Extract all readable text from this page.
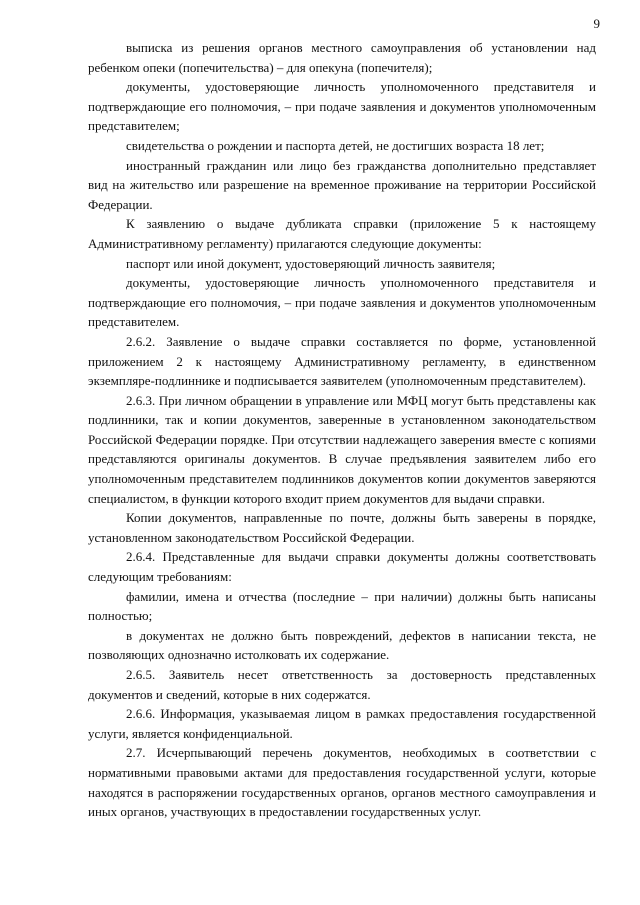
9

выписка из решения органов местного самоуправления об установлении над ребенком опеки (попечительства) – для опекуна (попечителя);

документы, удостоверяющие личность уполномоченного представителя и подтверждающие его полномочия, – при подаче заявления и документов уполномоченным представителем;

свидетельства о рождении и паспорта детей, не достигших возраста 18 лет;

иностранный гражданин или лицо без гражданства дополнительно представляет вид на жительство или разрешение на временное проживание на территории Российской Федерации.

К заявлению о выдаче дубликата справки (приложение 5 к настоящему Административному регламенту) прилагаются следующие документы:

паспорт или иной документ, удостоверяющий личность заявителя;

документы, удостоверяющие личность уполномоченного представителя и подтверждающие его полномочия, – при подаче заявления и документов уполномоченным представителем.

2.6.2. Заявление о выдаче справки составляется по форме, установленной приложением 2 к настоящему Административному регламенту, в единственном экземпляре-подлиннике и подписывается заявителем (уполномоченным представителем).

2.6.3. При личном обращении в управление или МФЦ могут быть представлены как подлинники, так и копии документов, заверенные в установленном законодательством Российской Федерации порядке. При отсутствии надлежащего заверения вместе с копиями представляются оригиналы документов. В случае предъявления заявителем либо его уполномоченным представителем подлинников документов копии документов заверяются специалистом, в функции которого входит прием документов для выдачи справки.

Копии документов, направленные по почте, должны быть заверены в порядке, установленном законодательством Российской Федерации.

2.6.4. Представленные для выдачи справки документы должны соответствовать следующим требованиям:

фамилии, имена и отчества (последние – при наличии) должны быть написаны полностью;

в документах не должно быть повреждений, дефектов в написании текста, не позволяющих однозначно истолковать их содержание.

2.6.5. Заявитель несет ответственность за достоверность представленных документов и сведений, которые в них содержатся.

2.6.6. Информация, указываемая лицом в рамках предоставления государственной услуги, является конфиденциальной.

2.7. Исчерпывающий перечень документов, необходимых в соответствии с нормативными правовыми актами для предоставления государственной услуги, которые находятся в распоряжении государственных органов, органов местного самоуправления и иных органов, участвующих в предоставлении государственных услуг.
